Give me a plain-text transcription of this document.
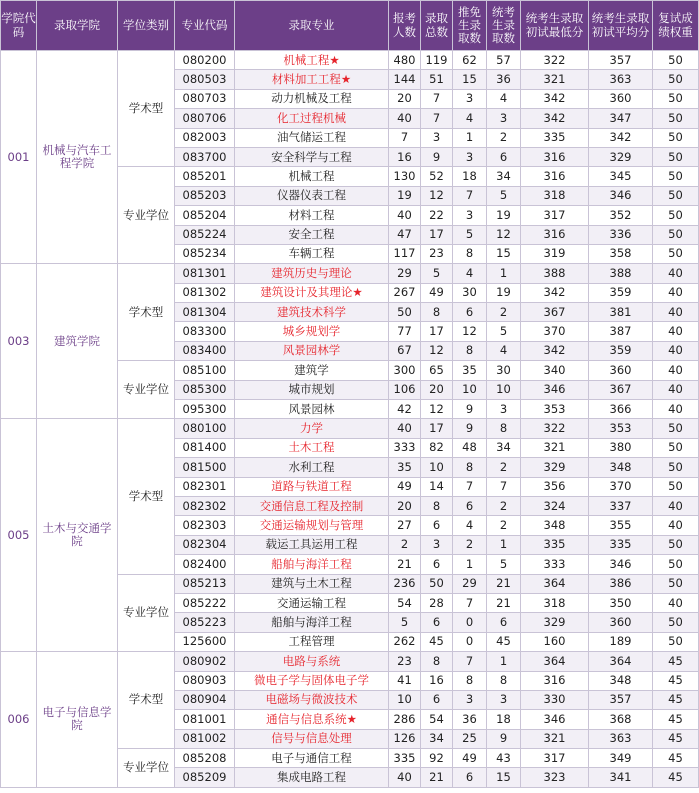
学院代码	录取学院	学位类别	专业代码	录取专业	报考人数	录取总数	推免生录取数	统考生录取数	统考生录取初试最低分	统考生录取初试平均分	复试成绩权重
001	机械与汽车工程学院	学术型	080200	机械工程★	480	119	62	57	322	357	50
			080503	材料加工工程★	144	51	15	36	321	363	50
			080703	动力机械及工程	20	7	3	4	342	360	50
			080706	化工过程机械	40	7	4	3	342	347	50
			082003	油气储运工程	7	3	1	2	335	342	50
			083700	安全科学与工程	16	9	3	6	316	329	50
		专业学位	085201	机械工程	130	52	18	34	316	345	50
			085203	仪器仪表工程	19	12	7	5	318	346	50
			085204	材料工程	40	22	3	19	317	352	50
			085224	安全工程	47	17	5	12	316	336	50
			085234	车辆工程	117	23	8	15	319	358	50
003	建筑学院	学术型	081301	建筑历史与理论	29	5	4	1	388	388	40
			081302	建筑设计及其理论★	267	49	30	19	342	359	40
			081304	建筑技术科学	50	8	6	2	367	381	40
			083300	城乡规划学	77	17	12	5	370	387	40
			083400	风景园林学	67	12	8	4	342	359	40
		专业学位	085100	建筑学	300	65	35	30	340	360	40
			085300	城市规划	106	20	10	10	346	367	40
			095300	风景园林	42	12	9	3	353	366	40
005	土木与交通学院	学术型	080100	力学	40	17	9	8	322	353	50
			081400	土木工程	333	82	48	34	321	380	50
			081500	水利工程	35	10	8	2	329	348	50
			082301	道路与铁道工程	49	14	7	7	356	370	50
			082302	交通信息工程及控制	20	8	6	2	324	337	40
			082303	交通运输规划与管理	27	6	4	2	348	355	40
			082304	载运工具运用工程	2	3	2	1	335	335	50
			082400	船舶与海洋工程	21	6	1	5	333	346	50
		专业学位	085213	建筑与土木工程	236	50	29	21	364	386	50
			085222	交通运输工程	54	28	7	21	318	350	40
			085223	船舶与海洋工程	5	6	0	6	329	360	50
			125600	工程管理	262	45	0	45	160	189	50
006	电子与信息学院	学术型	080902	电路与系统	23	8	7	1	364	364	45
			080903	微电子学与固体电子学	41	16	8	8	316	348	45
			080904	电磁场与微波技术	10	6	3	3	330	357	45
			081001	通信与信息系统★	286	54	36	18	346	368	45
			081002	信号与信息处理	126	34	25	9	321	363	45
		专业学位	085208	电子与通信工程	335	92	49	43	317	349	45
			085209	集成电路工程	40	21	6	15	323	341	45
